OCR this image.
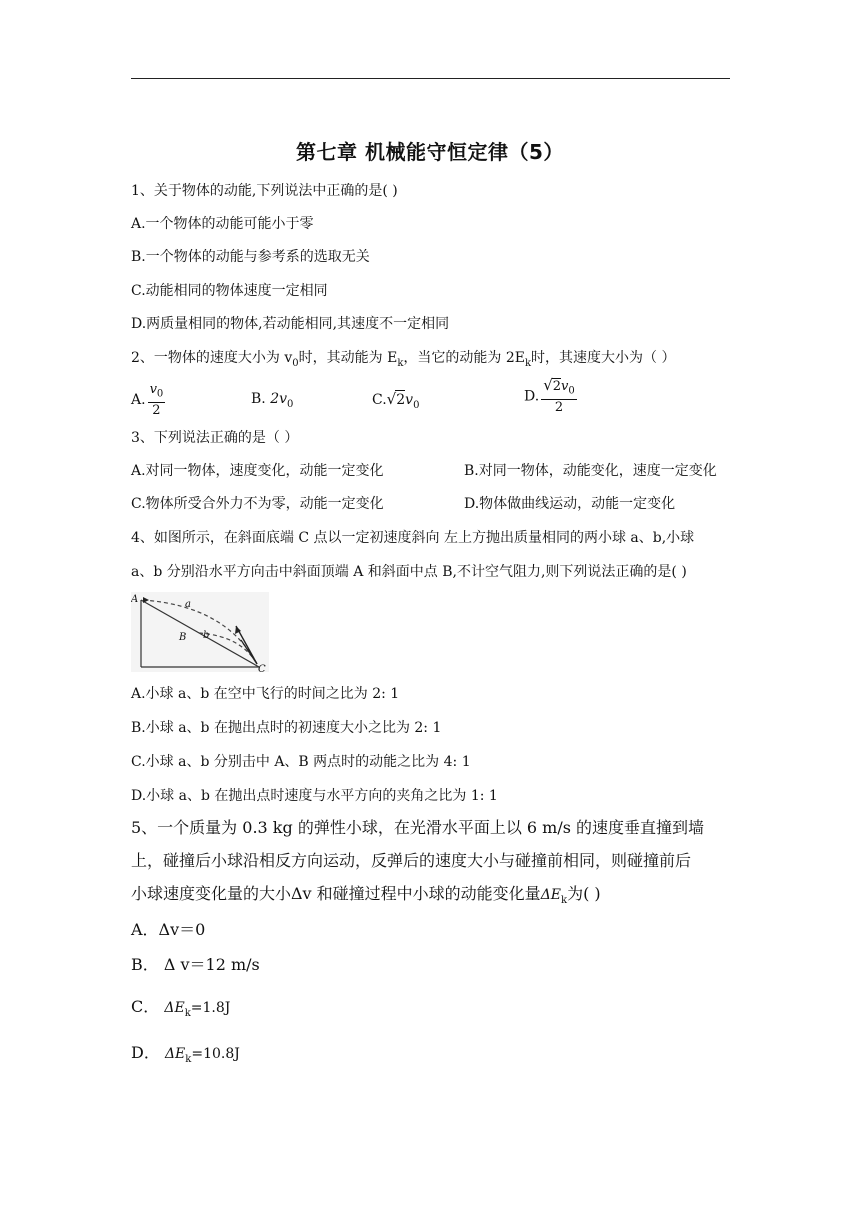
第七章 机械能守恒定律（5）
1、关于物体的动能,下列说法中正确的是( )
A.一个物体的动能可能小于零
B.一个物体的动能与参考系的选取无关
C.动能相同的物体速度一定相同
D.两质量相同的物体,若动能相同,其速度不一定相同
2、一物体的速度大小为 $v_0$时，其动能为 $E_k$，当它的动能为 $2E_k$时，其速度大小为（ ）
A. $\frac{v_0}{2}$	B. $2v_0$	$C.√2v_0$
D. $\frac{√2v_0}{2}$
3、下列说法正确的是（ ）
A.对同一物体，速度变化，动能一定变化	B.对同一物体，动能变化，速度一定变化
C.物体所受合外力不为零，动能一定变化	D.物体做曲线运动，动能一定变化
4、如图所示，在斜面底端 C 点以一定初速度斜向 左上方抛出质量相同的两小球 a、b,小球
a、b 分别沿水平方向击中斜面顶端 A 和斜面中点 B,不计空气阻力,则下列说法正确的是( )
A	a
B b
C
A.小球 a、b 在空中飞行的时间之比为 2: 1
B.小球 a、b 在抛出点时的初速度大小之比为 2: 1
C.小球 a、b 分别击中 A、B 两点时的动能之比为 4: 1
D.小球 a、b 在抛出点时速度与水平方向的夹角之比为 1: 1
5、一个质量为 0.3 kg 的弹性小球，在光滑水平面上以 6 m/s 的速度垂直撞到墙
上，碰撞后小球沿相反方向运动，反弹后的速度大小与碰撞前相同，则碰撞前后
小球速度变化量的大小Δv 和碰撞过程中小球的动能变化量$\Delta E_k$为( )
A．Δv＝0
B． Δ v＝12 m/s
C． $\Delta E_k=1.8J$
D． $\Delta E_k=10.8J$
